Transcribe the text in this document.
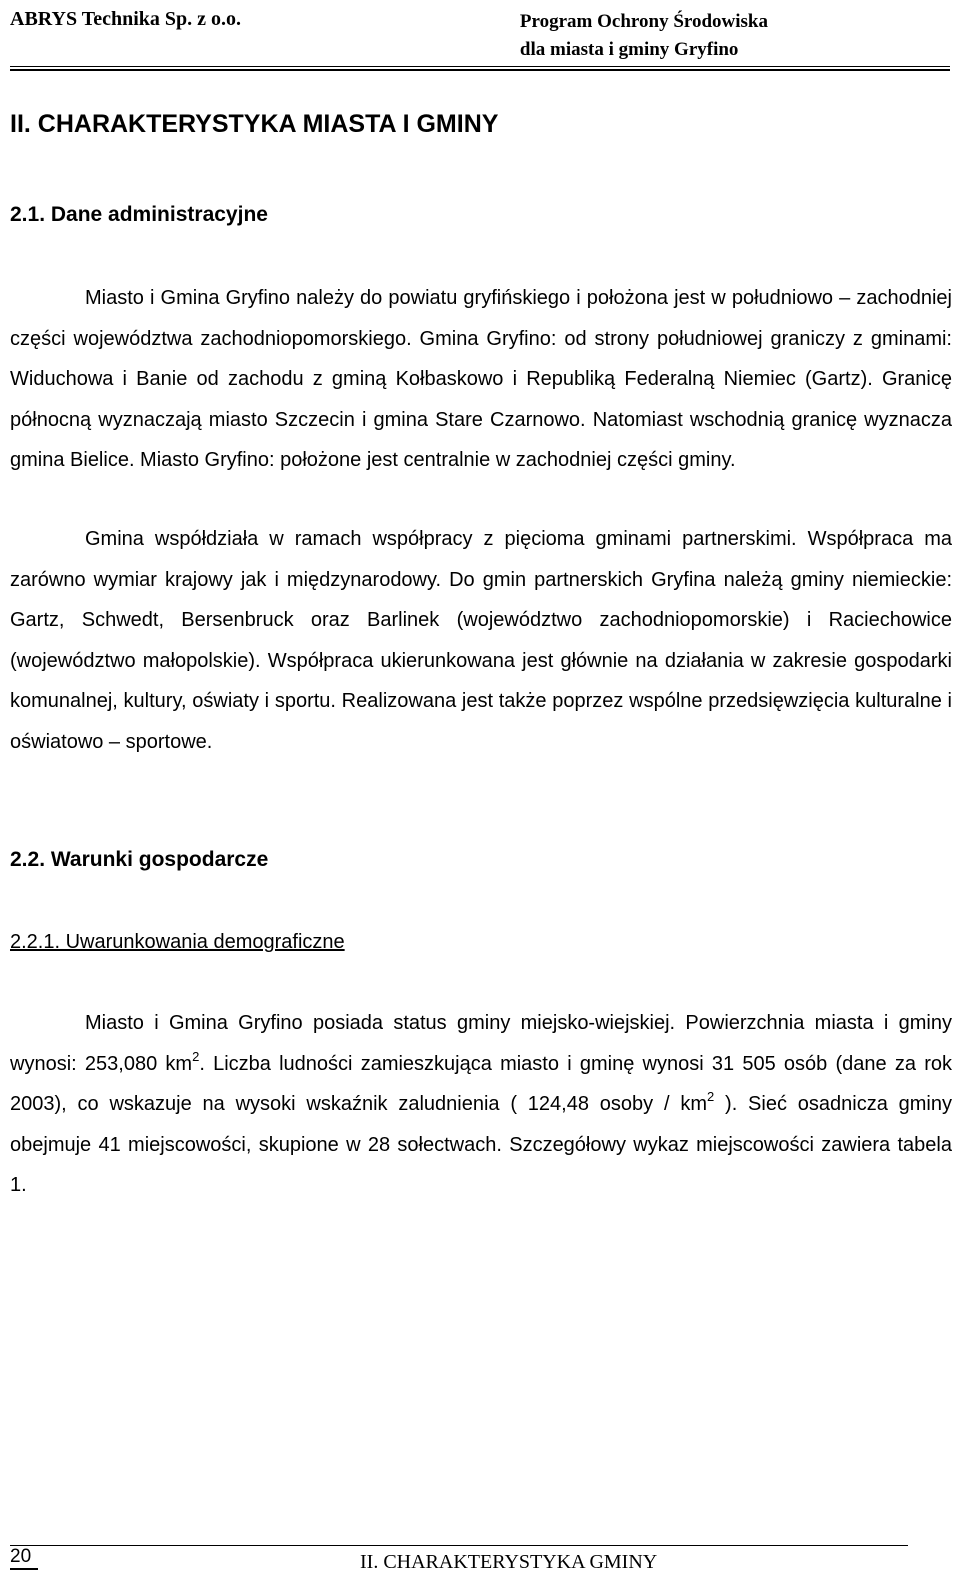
ABRYS Technika Sp. z o.o.	Program Ochrony Środowiska
dla miasta i gminy Gryfino
II. CHARAKTERYSTYKA MIASTA I GMINY
2.1. Dane administracyjne

Miasto i Gmina Gryfino należy do powiatu gryfińskiego i położona jest w południowo – zachodniej części województwa zachodniopomorskiego. Gmina Gryfino: od strony południowej graniczy z gminami: Widuchowa i Banie od zachodu z gminą Kołbaskowo i Republiką Federalną Niemiec (Gartz). Granicę północną wyznaczają miasto Szczecin i gmina Stare Czarnowo. Natomiast wschodnią granicę wyznacza gmina Bielice. Miasto Gryfino: położone jest centralnie w zachodniej części gminy.

Gmina współdziała w ramach współpracy z pięcioma gminami partnerskimi. Współpraca ma zarówno wymiar krajowy jak i międzynarodowy. Do gmin partnerskich Gryfina należą gminy niemieckie: Gartz, Schwedt, Bersenbruck oraz Barlinek (województwo zachodniopomorskie) i Raciechowice (województwo małopolskie). Współpraca ukierunkowana jest głównie na działania w zakresie gospodarki komunalnej, kultury, oświaty i sportu. Realizowana jest także poprzez wspólne przedsięwzięcia kulturalne i oświatowo – sportowe.

2.2. Warunki gospodarcze
2.2.1. Uwarunkowania demograficzne

Miasto i Gmina Gryfino posiada status gminy miejsko-wiejskiej. Powierzchnia miasta i gminy wynosi: 253,080 $km^2$. Liczba ludności zamieszkująca miasto i gminę wynosi 31 505 osób (dane za rok 2003), co wskazuje na wysoki wskaźnik zaludnienia ( 124,48 osoby / $km^2$ ). Sieć osadnicza gminy obejmuje 41 miejscowości, skupione w 28 sołectwach. Szczegółowy wykaz miejscowości zawiera tabela 1.

20	II. CHARAKTERYSTYKA GMINY
